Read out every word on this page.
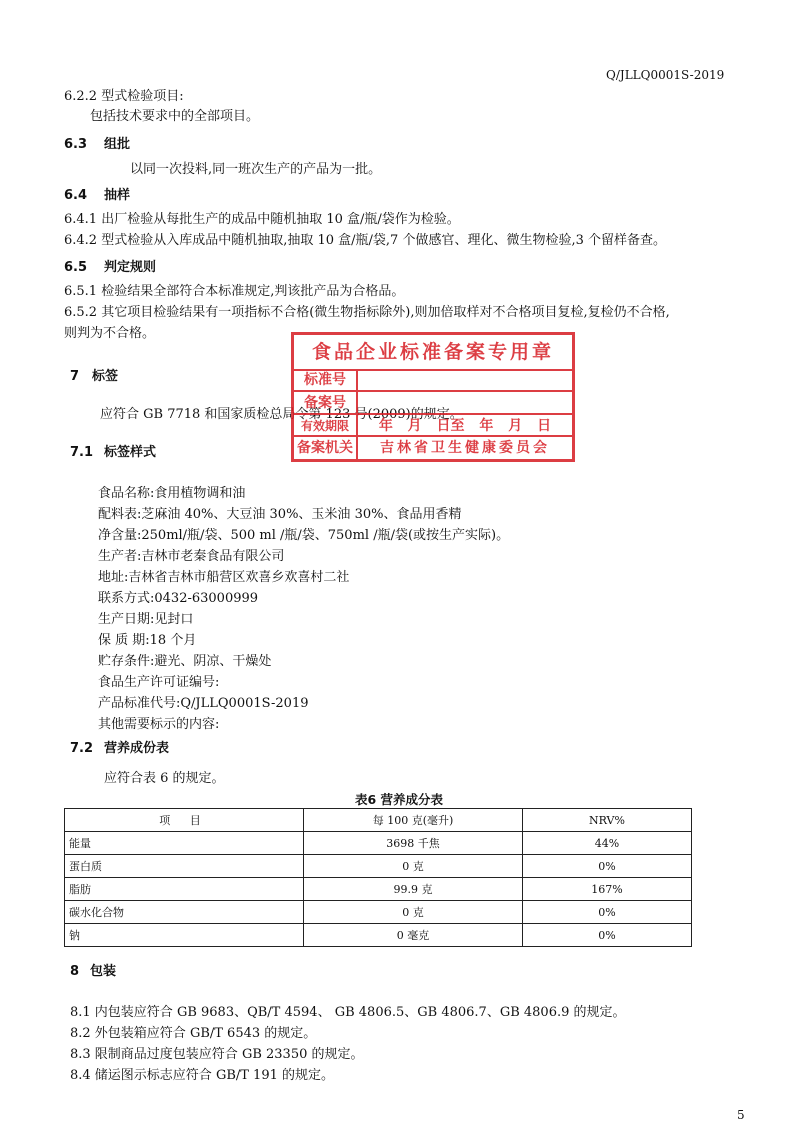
Q/JLLQ0001S-2019
6.2.2 型式检验项目:
包括技术要求中的全部项目。
6.3 组批
以同一次投料,同一班次生产的产品为一批。
6.4 抽样
6.4.1 出厂检验从每批生产的成品中随机抽取 10 盒/瓶/袋作为检验。
6.4.2 型式检验从入库成品中随机抽取,抽取 10 盒/瓶/袋,7 个做感官、理化、微生物检验,3 个留样备查。
6.5 判定规则
6.5.1 检验结果全部符合本标准规定,判该批产品为合格品。
6.5.2 其它项目检验结果有一项指标不合格(微生物指标除外),则加倍取样对不合格项目复检,复检仍不合格,
则判为不合格。
7 标签
应符合 GB 7718 和国家质检总局令第 123 号(2009)的规定。
食品企业标准备案专用章
标准号
备案号
有效期限	年 月 日至 年 月 日
备案机关	吉林省卫生健康委员会
7.1 标签样式
食品名称:食用植物调和油
配料表:芝麻油 40%、大豆油 30%、玉米油 30%、食品用香精
净含量:250ml/瓶/袋、500 ml /瓶/袋、750ml /瓶/袋(或按生产实际)。
生产者:吉林市老秦食品有限公司
地址:吉林省吉林市船营区欢喜乡欢喜村二社
联系方式:0432-63000999
生产日期:见封口
保 质 期:18 个月
贮存条件:避光、阴凉、干燥处
食品生产许可证编号:
产品标准代号:Q/JLLQ0001S-2019
其他需要标示的内容:
7.2 营养成份表
应符合表 6 的规定。
表6 营养成分表
项 目	每 100 克(毫升)	NRV%
能量	3698 千焦	44%
蛋白质	0 克	0%
脂肪	99.9 克	167%
碳水化合物	0 克	0%
钠	0 毫克	0%
8 包装
8.1 内包装应符合 GB 9683、QB/T 4594、 GB 4806.5、GB 4806.7、GB 4806.9 的规定。
8.2 外包装箱应符合 GB/T 6543 的规定。
8.3 限制商品过度包装应符合 GB 23350 的规定。
8.4 储运图示标志应符合 GB/T 191 的规定。
5
